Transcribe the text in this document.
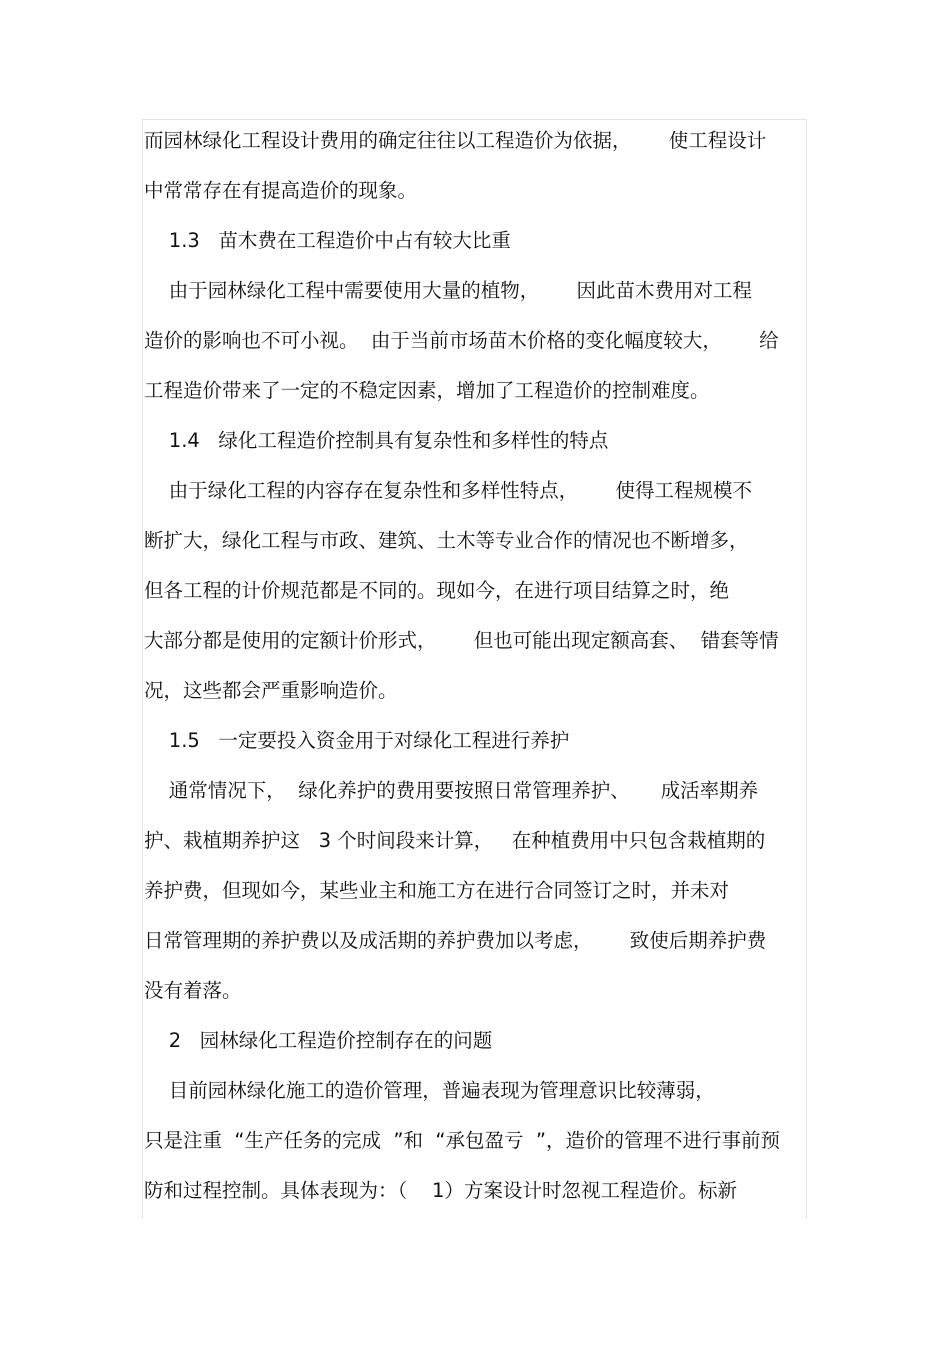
而园林绿化工程设计费用的确定往往以工程造价为依据，      使工程设计
中常常存在有提高造价的现象。
1.3   苗木费在工程造价中占有较大比重
由于园林绿化工程中需要使用大量的植物，      因此苗木费用对工程
造价的影响也不可小视。  由于当前市场苗木价格的变化幅度较大，      给
工程造价带来了一定的不稳定因素，增加了工程造价的控制难度。
1.4   绿化工程造价控制具有复杂性和多样性的特点
由于绿化工程的内容存在复杂性和多样性特点，      使得工程规模不
断扩大，绿化工程与市政、建筑、土木等专业合作的情况也不断增多，
但各工程的计价规范都是不同的。现如今，在进行项目结算之时，绝
大部分都是使用的定额计价形式，      但也可能出现定额高套、  错套等情
况，这些都会严重影响造价。
1.5   一定要投入资金用于对绿化工程进行养护
通常情况下，  绿化养护的费用要按照日常管理养护、     成活率期养
护、栽植期养护这   3 个时间段来计算，   在种植费用中只包含栽植期的
养护费，但现如今，某些业主和施工方在进行合同签订之时，并未对
日常管理期的养护费以及成活期的养护费加以考虑，      致使后期养护费
没有着落。
2   园林绿化工程造价控制存在的问题
目前园林绿化施工的造价管理，普遍表现为管理意识比较薄弱，
只是注重  “生产任务的完成  ”和  “承包盈亏  ”，造价的管理不进行事前预
防和过程控制。具体表现为：（    1）方案设计时忽视工程造价。标新
